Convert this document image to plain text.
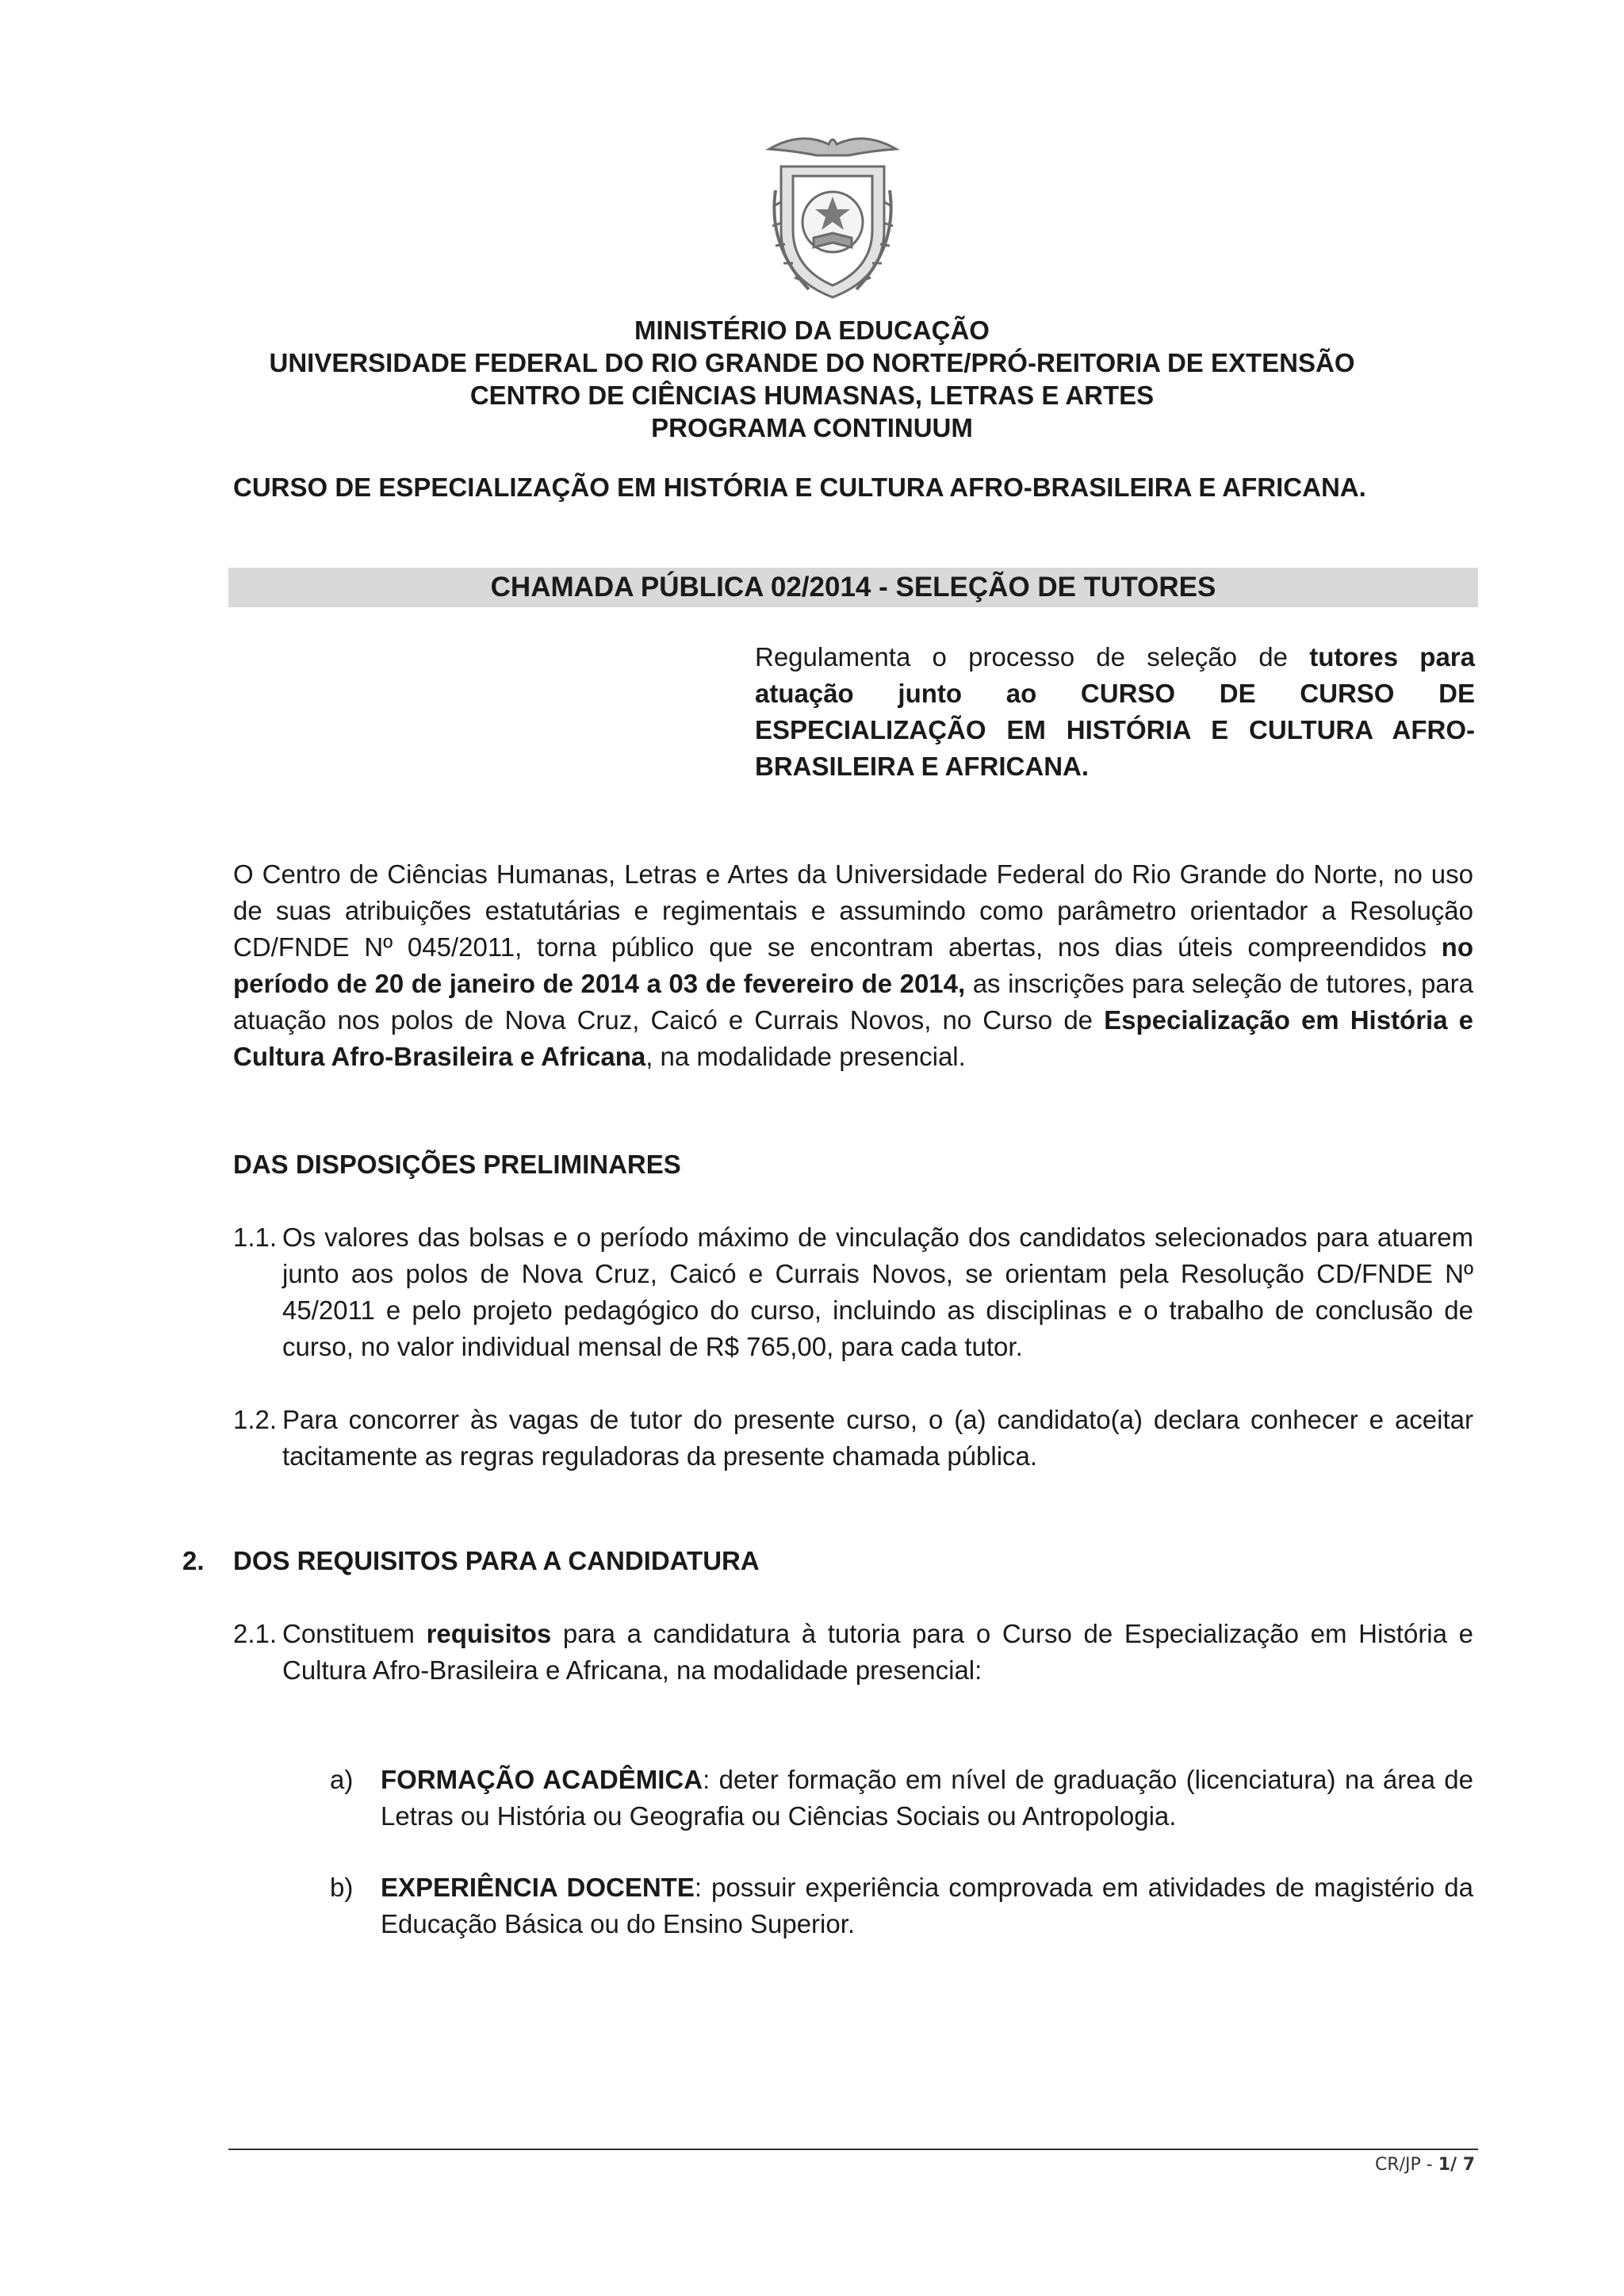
MINISTÉRIO DA EDUCAÇÃO
UNIVERSIDADE FEDERAL DO RIO GRANDE DO NORTE/PRÓ-REITORIA DE EXTENSÃO
CENTRO DE CIÊNCIAS HUMASNAS, LETRAS E ARTES
PROGRAMA CONTINUUM
CURSO DE ESPECIALIZAÇÃO EM HISTÓRIA E CULTURA AFRO-BRASILEIRA E AFRICANA.
CHAMADA PÚBLICA 02/2014 - SELEÇÃO DE TUTORES
Regulamenta o processo de seleção de tutores para atuação junto ao CURSO DE CURSO DE ESPECIALIZAÇÃO EM HISTÓRIA E CULTURA AFRO-BRASILEIRA E AFRICANA.
O Centro de Ciências Humanas, Letras e Artes da Universidade Federal do Rio Grande do Norte, no uso de suas atribuições estatutárias e regimentais e assumindo como parâmetro orientador a Resolução CD/FNDE Nº 045/2011, torna público que se encontram abertas, nos dias úteis compreendidos no período de 20 de janeiro de 2014 a 03 de fevereiro de 2014, as inscrições para seleção de tutores, para atuação nos polos de Nova Cruz, Caicó e Currais Novos, no Curso de Especialização em História e Cultura Afro-Brasileira e Africana, na modalidade presencial.
DAS DISPOSIÇÕES PRELIMINARES
1.1. Os valores das bolsas e o período máximo de vinculação dos candidatos selecionados para atuarem junto aos polos de Nova Cruz, Caicó e Currais Novos, se orientam pela Resolução CD/FNDE Nº 45/2011 e pelo projeto pedagógico do curso, incluindo as disciplinas e o trabalho de conclusão de curso, no valor individual mensal de R$ 765,00, para cada tutor.
1.2. Para concorrer às vagas de tutor do presente curso, o (a) candidato(a) declara conhecer e aceitar tacitamente as regras reguladoras da presente chamada pública.
2. DOS REQUISITOS PARA A CANDIDATURA
2.1. Constituem requisitos para a candidatura à tutoria para o Curso de Especialização em História e Cultura Afro-Brasileira e Africana, na modalidade presencial:
a) FORMAÇÃO ACADÊMICA: deter formação em nível de graduação (licenciatura) na área de Letras ou História ou Geografia ou Ciências Sociais ou Antropologia.
b) EXPERIÊNCIA DOCENTE: possuir experiência comprovada em atividades de magistério da Educação Básica ou do Ensino Superior.
CR/JP - 1/ 7
